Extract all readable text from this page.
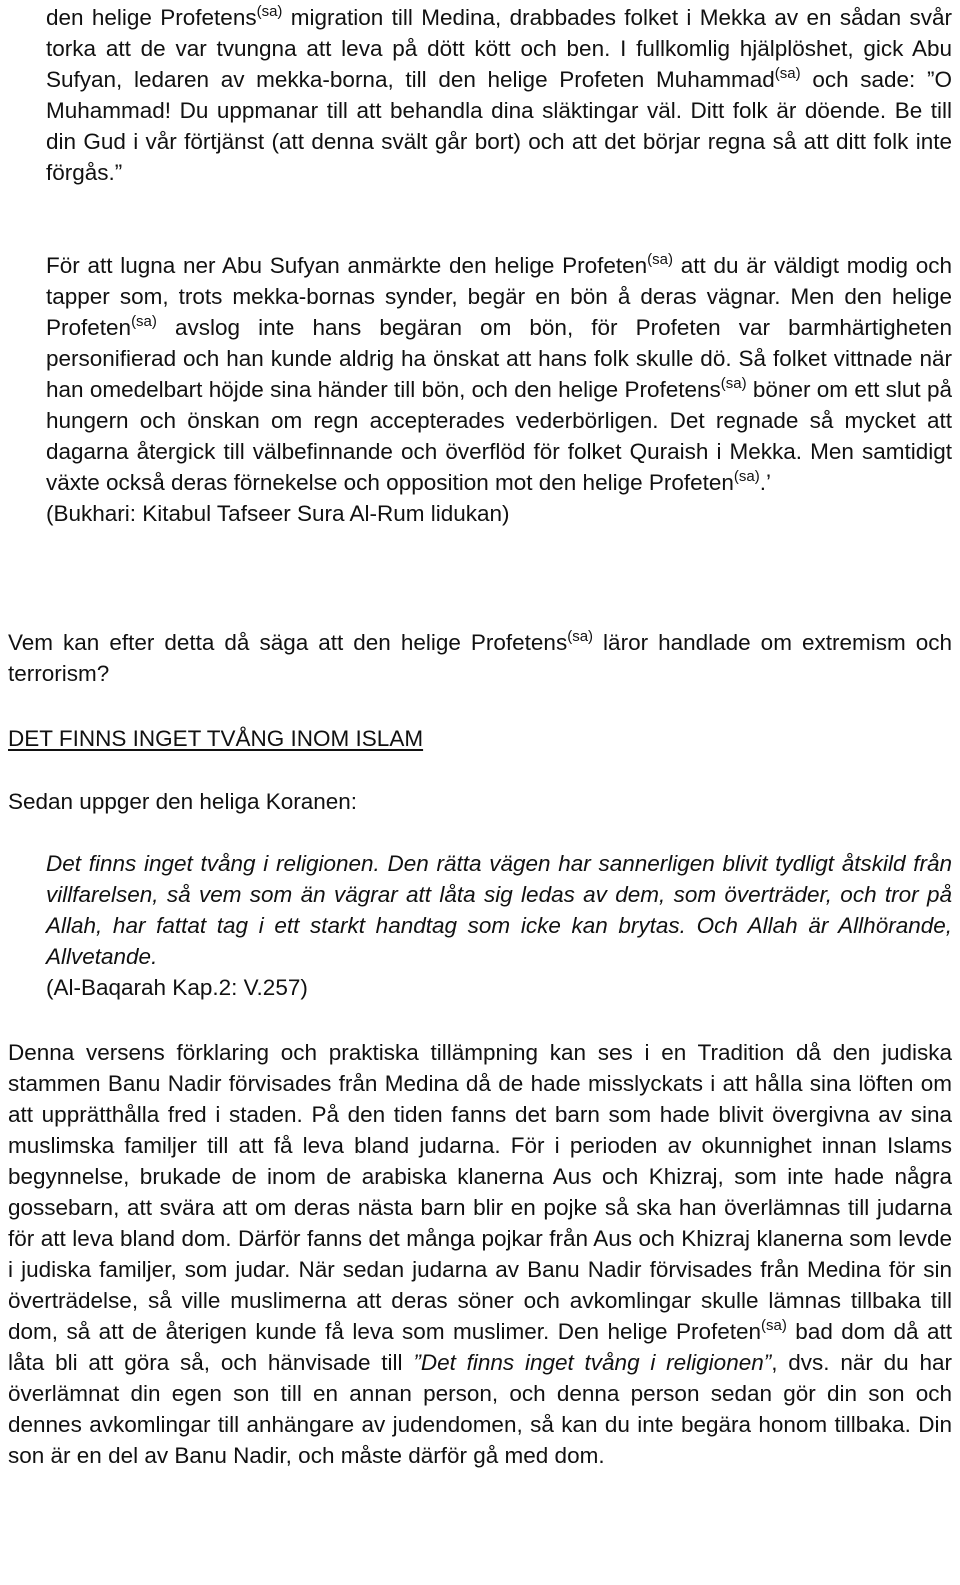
den helige Profetens$^{(sa)}$ migration till Medina, drabbades folket i Mekka av en sådan svår torka att de var tvungna att leva på dött kött och ben. I fullkomlig hjälplöshet, gick Abu Sufyan, ledaren av mekka-borna, till den helige Profeten Muhammad$^{(sa)}$ och sade: ”O Muhammad! Du uppmanar till att behandla dina släktingar väl. Ditt folk är döende. Be till din Gud i vår förtjänst (att denna svält går bort) och att det börjar regna så att ditt folk inte förgås.”

För att lugna ner Abu Sufyan anmärkte den helige Profeten$^{(sa)}$ att du är väldigt modig och tapper som, trots mekka-bornas synder, begär en bön å deras vägnar. Men den helige Profeten$^{(sa)}$ avslog inte hans begäran om bön, för Profeten var barmhärtigheten personifierad och han kunde aldrig ha önskat att hans folk skulle dö. Så folket vittnade när han omedelbart höjde sina händer till bön, och den helige Profetens$^{(sa)}$ böner om ett slut på hungern och önskan om regn accepterades vederbörligen. Det regnade så mycket att dagarna återgick till välbefinnande och överflöd för folket Quraish i Mekka. Men samtidigt växte också deras förnekelse och opposition mot den helige Profeten$^{(sa)}$.’
(Bukhari: Kitabul Tafseer Sura Al-Rum lidukan)

Vem kan efter detta då säga att den helige Profetens$^{(sa)}$ läror handlade om extremism och terrorism?

DET FINNS INGET TVÅNG INOM ISLAM

Sedan uppger den heliga Koranen:

Det finns inget tvång i religionen. Den rätta vägen har sannerligen blivit tydligt åtskild från villfarelsen, så vem som än vägrar att låta sig ledas av dem, som överträder, och tror på Allah, har fattat tag i ett starkt handtag som icke kan brytas. Och Allah är Allhörande, Allvetande.
(Al-Baqarah Kap.2: V.257)

Denna versens förklaring och praktiska tillämpning kan ses i en Tradition då den judiska stammen Banu Nadir förvisades från Medina då de hade misslyckats i att hålla sina löften om att upprätthålla fred i staden. På den tiden fanns det barn som hade blivit övergivna av sina muslimska familjer till att få leva bland judarna. För i perioden av okunnighet innan Islams begynnelse, brukade de inom de arabiska klanerna Aus och Khizraj, som inte hade några gossebarn, att svära att om deras nästa barn blir en pojke så ska han överlämnas till judarna för att leva bland dom. Därför fanns det många pojkar från Aus och Khizraj klanerna som levde i judiska familjer, som judar. När sedan judarna av Banu Nadir förvisades från Medina för sin överträdelse, så ville muslimerna att deras söner och avkomlingar skulle lämnas tillbaka till dom, så att de återigen kunde få leva som muslimer. Den helige Profeten$^{(sa)}$ bad dom då att låta bli att göra så, och hänvisade till ”Det finns inget tvång i religionen”, dvs. när du har överlämnat din egen son till en annan person, och denna person sedan gör din son och dennes avkomlingar till anhängare av judendomen, så kan du inte begära honom tillbaka. Din son är en del av Banu Nadir, och måste därför gå med dom.
